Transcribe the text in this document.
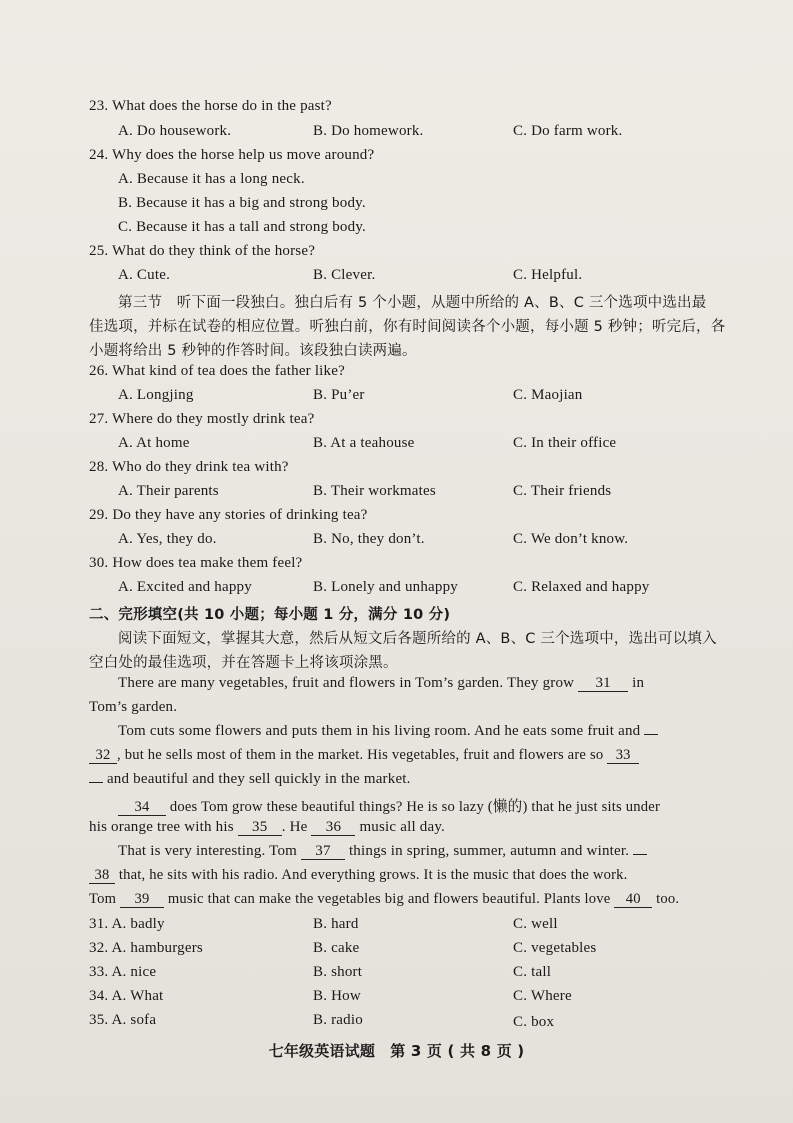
23. What does the horse do in the past?
A. Do housework.	B. Do homework.	C. Do farm work.
24. Why does the horse help us move around?
A. Because it has a long neck.
B. Because it has a big and strong body.
C. Because it has a tall and strong body.
25. What do they think of the horse?
A. Cute.	B. Clever.	C. Helpful.
第三节　听下面一段独白。独白后有 5 个小题，从题中所给的 A、B、C 三个选项中选出最
佳选项，并标在试卷的相应位置。听独白前，你有时间阅读各个小题，每小题 5 秒钟；听完后，各
小题将给出 5 秒钟的作答时间。该段独白读两遍。
26. What kind of tea does the father like?
A. Longjing	B. Pu’er	C. Maojian
27. Where do they mostly drink tea?
A. At home	B. At a teahouse	C. In their office
28. Who do they drink tea with?
A. Their parents	B. Their workmates	C. Their friends
29. Do they have any stories of drinking tea?
A. Yes, they do.	B. No, they don’t.	C. We don’t know.
30. How does tea make them feel?
A. Excited and happy	B. Lonely and unhappy	C. Relaxed and happy
二、完形填空(共 10 小题；每小题 1 分，满分 10 分)
阅读下面短文，掌握其大意，然后从短文后各题所给的 A、B、C 三个选项中，选出可以填入
空白处的最佳选项，并在答题卡上将该项涂黑。
There are many vegetables, fruit and flowers in Tom’s garden. They grow 31 in
Tom’s garden.
Tom cuts some flowers and puts them in his living room. And he eats some fruit and
32 , but he sells most of them in the market. His vegetables, fruit and flowers are so 33
and beautiful and they sell quickly in the market.
34 does Tom grow these beautiful things? He is so lazy (懒的) that he just sits under
his orange tree with his 35 . He 36 music all day.
That is very interesting. Tom 37 things in spring, summer, autumn and winter.
38 that, he sits with his radio. And everything grows. It is the music that does the work.
Tom 39 music that can make the vegetables big and flowers beautiful. Plants love 40 too.
31. A. badly	B. hard	C. well
32. A. hamburgers	B. cake	C. vegetables
33. A. nice	B. short	C. tall
34. A. What	B. How	C. Where
35. A. sofa	B. radio	C. box
七年级英语试题　第 3 页 ( 共 8 页 )
